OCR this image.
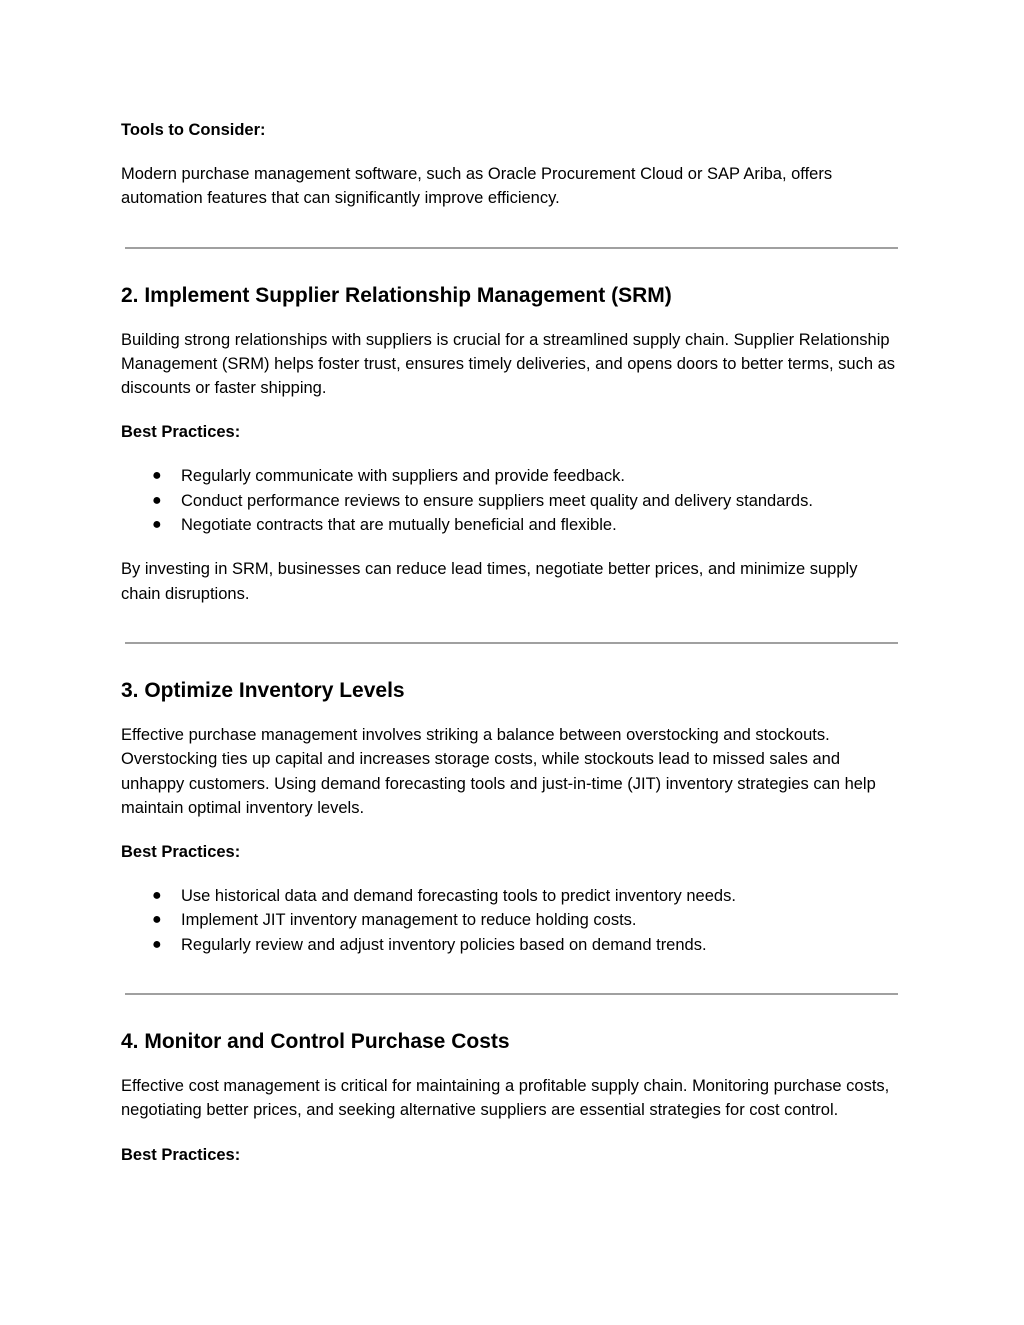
Tools to Consider:

Modern purchase management software, such as Oracle Procurement Cloud or SAP Ariba, offers automation features that can significantly improve efficiency.

2. Implement Supplier Relationship Management (SRM)

Building strong relationships with suppliers is crucial for a streamlined supply chain. Supplier Relationship Management (SRM) helps foster trust, ensures timely deliveries, and opens doors to better terms, such as discounts or faster shipping.

Best Practices:

● Regularly communicate with suppliers and provide feedback.
● Conduct performance reviews to ensure suppliers meet quality and delivery standards.
● Negotiate contracts that are mutually beneficial and flexible.

By investing in SRM, businesses can reduce lead times, negotiate better prices, and minimize supply chain disruptions.

3. Optimize Inventory Levels

Effective purchase management involves striking a balance between overstocking and stockouts. Overstocking ties up capital and increases storage costs, while stockouts lead to missed sales and unhappy customers. Using demand forecasting tools and just-in-time (JIT) inventory strategies can help maintain optimal inventory levels.

Best Practices:

● Use historical data and demand forecasting tools to predict inventory needs.
● Implement JIT inventory management to reduce holding costs.
● Regularly review and adjust inventory policies based on demand trends.
4. Monitor and Control Purchase Costs

Effective cost management is critical for maintaining a profitable supply chain. Monitoring purchase costs, negotiating better prices, and seeking alternative suppliers are essential strategies for cost control.

Best Practices:
